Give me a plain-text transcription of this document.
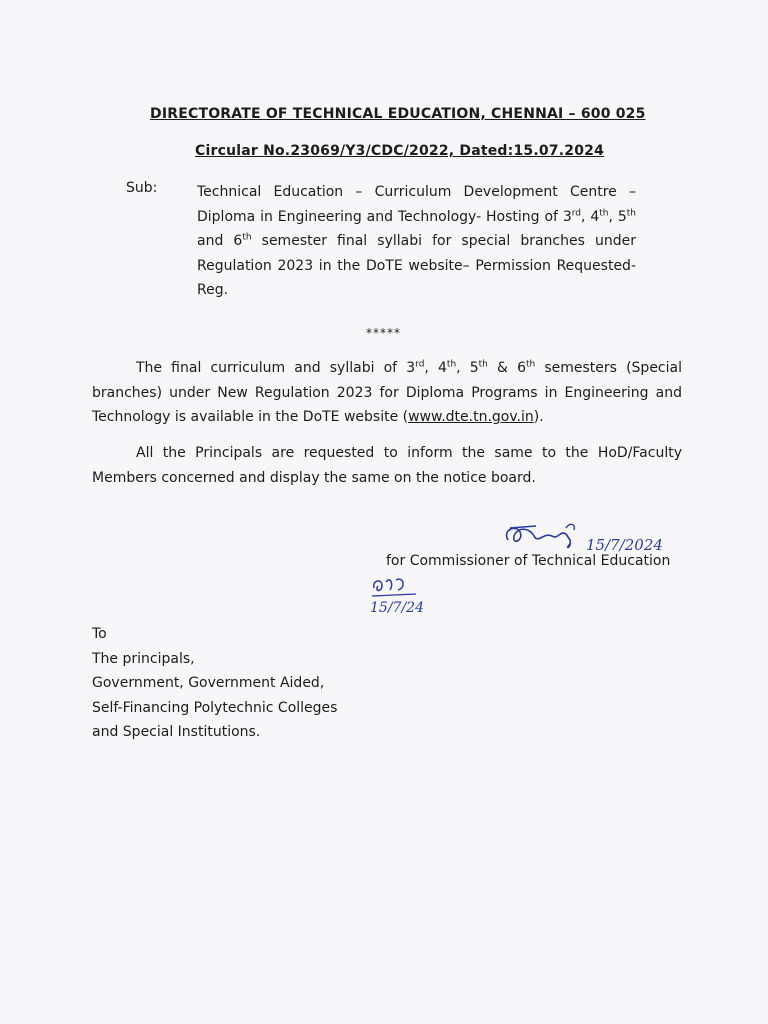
DIRECTORATE OF TECHNICAL EDUCATION, CHENNAI – 600 025
Circular No.23069/Y3/CDC/2022, Dated:15.07.2024
Sub:	Technical Education – Curriculum Development Centre – Diploma in Engineering and Technology- Hosting of 3rd, 4th, 5th and 6th semester final syllabi for special branches under Regulation 2023 in the DoTE website– Permission Requested- Reg.
*****
The final curriculum and syllabi of 3rd, 4th, 5th & 6th semesters (Special branches) under New Regulation 2023 for Diploma Programs in Engineering and Technology is available in the DoTE website (www.dte.tn.gov.in).
All the Principals are requested to inform the same to the HoD/Faculty Members concerned and display the same on the notice board.
15/7/2024
for Commissioner of Technical Education
15/7/24
To
The principals,
Government, Government Aided,
Self-Financing Polytechnic Colleges
and Special Institutions.
